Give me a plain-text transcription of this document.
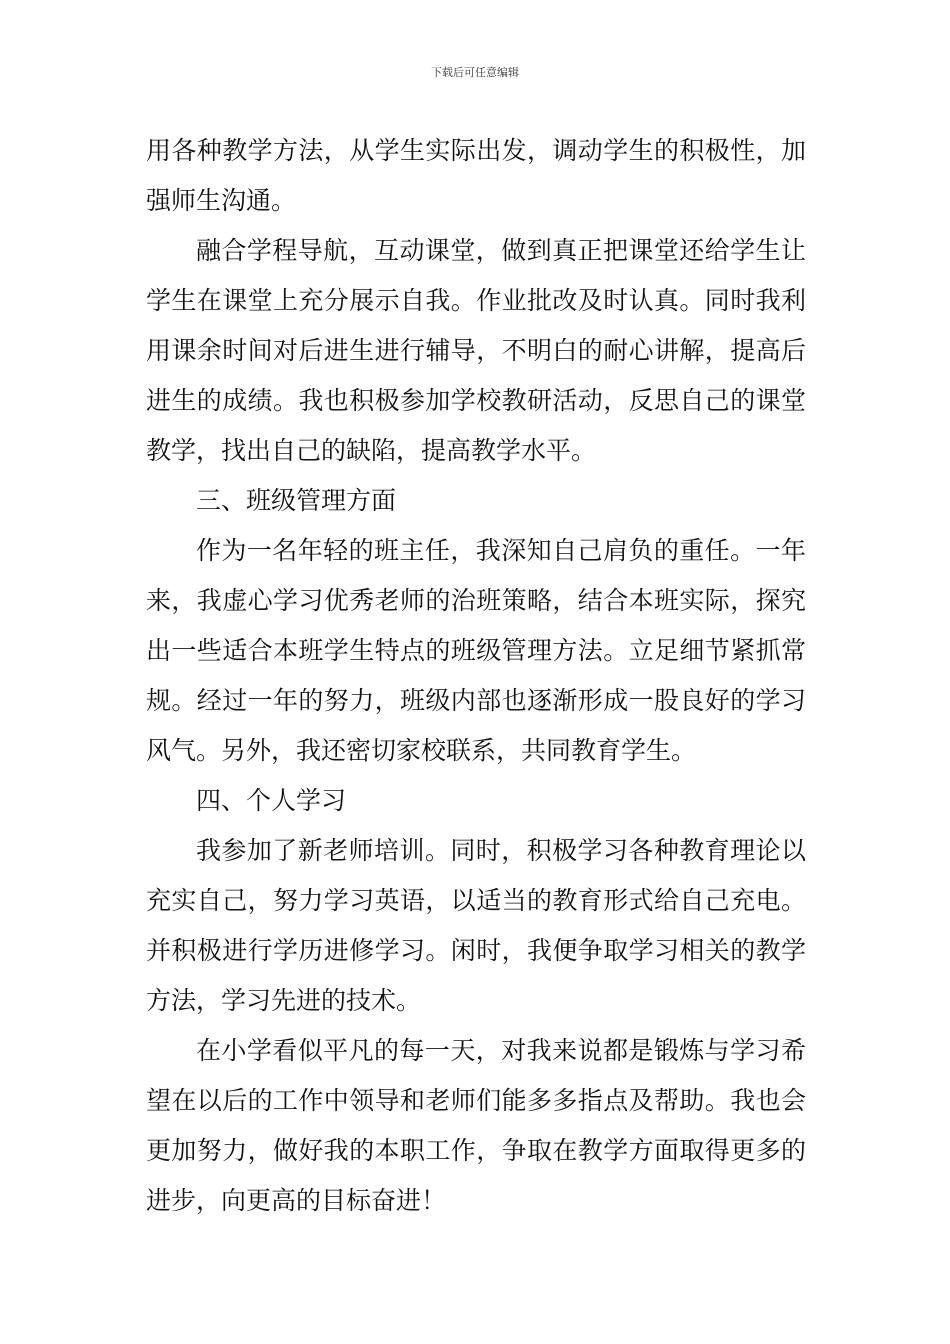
下载后可任意编辑

用各种教学方法，从学生实际出发，调动学生的积极性，加强师生沟通。

融合学程导航，互动课堂，做到真正把课堂还给学生让学生在课堂上充分展示自我。作业批改及时认真。同时我利用课余时间对后进生进行辅导，不明白的耐心讲解，提高后进生的成绩。我也积极参加学校教研活动，反思自己的课堂教学，找出自己的缺陷，提高教学水平。

三、班级管理方面

作为一名年轻的班主任，我深知自己肩负的重任。一年来，我虚心学习优秀老师的治班策略，结合本班实际，探究出一些适合本班学生特点的班级管理方法。立足细节紧抓常规。经过一年的努力，班级内部也逐渐形成一股良好的学习风气。另外，我还密切家校联系，共同教育学生。

四、个人学习

我参加了新老师培训。同时，积极学习各种教育理论以充实自己，努力学习英语，以适当的教育形式给自己充电。并积极进行学历进修学习。闲时，我便争取学习相关的教学方法，学习先进的技术。

在小学看似平凡的每一天，对我来说都是锻炼与学习希望在以后的工作中领导和老师们能多多指点及帮助。我也会更加努力，做好我的本职工作，争取在教学方面取得更多的进步，向更高的目标奋进！
